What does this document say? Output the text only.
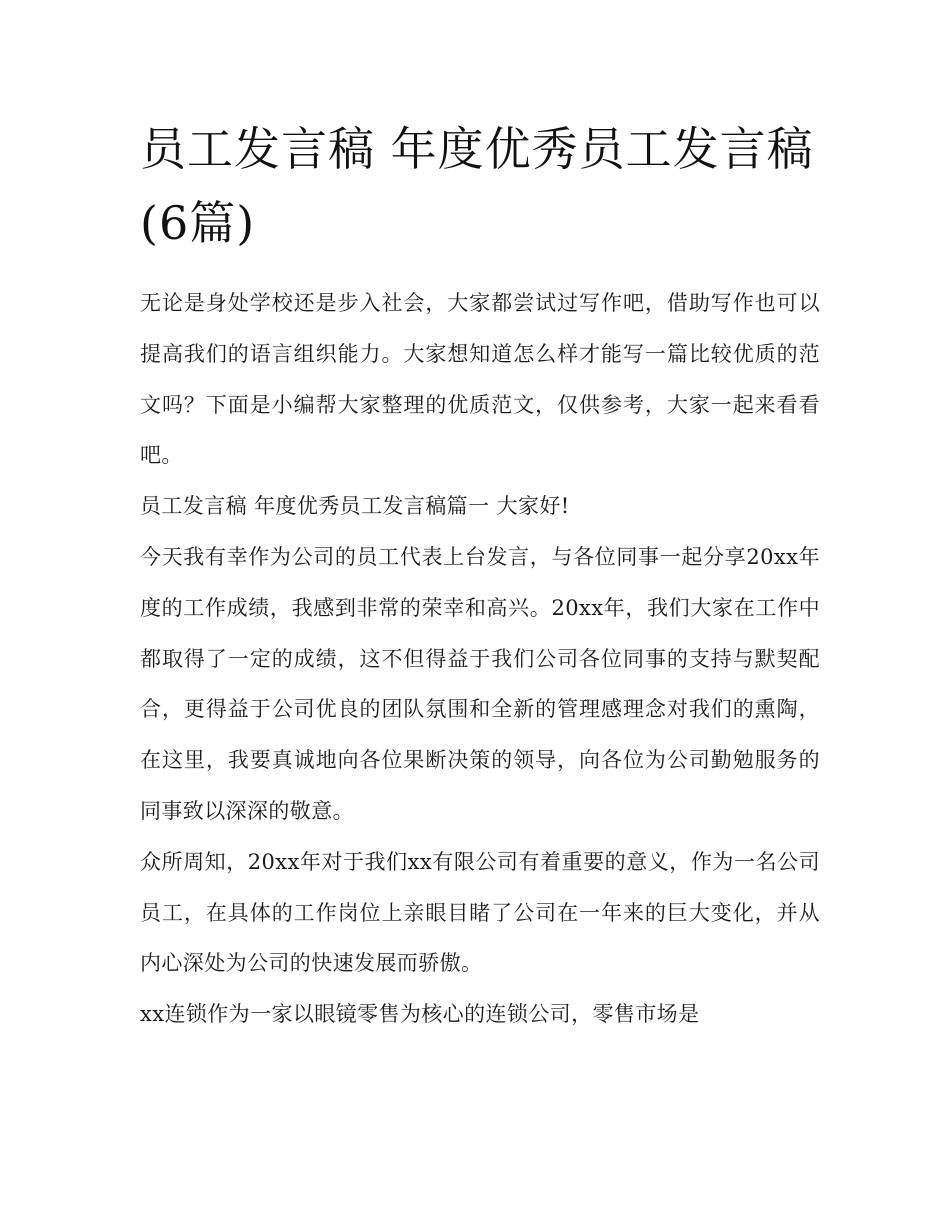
员工发言稿 年度优秀员工发言稿(6篇)

无论是身处学校还是步入社会，大家都尝试过写作吧，借助写作也可以提高我们的语言组织能力。大家想知道怎么样才能写一篇比较优质的范文吗？下面是小编帮大家整理的优质范文，仅供参考，大家一起来看看吧。

员工发言稿 年度优秀员工发言稿篇一 大家好!

今天我有幸作为公司的员工代表上台发言，与各位同事一起分享20xx年度的工作成绩，我感到非常的荣幸和高兴。20xx年，我们大家在工作中都取得了一定的成绩，这不但得益于我们公司各位同事的支持与默契配合，更得益于公司优良的团队氛围和全新的管理感理念对我们的熏陶，在这里，我要真诚地向各位果断决策的领导，向各位为公司勤勉服务的同事致以深深的敬意。

众所周知，20xx年对于我们xx有限公司有着重要的意义，作为一名公司员工，在具体的工作岗位上亲眼目睹了公司在一年来的巨大变化，并从内心深处为公司的快速发展而骄傲。

xx连锁作为一家以眼镜零售为核心的连锁公司，零售市场是
